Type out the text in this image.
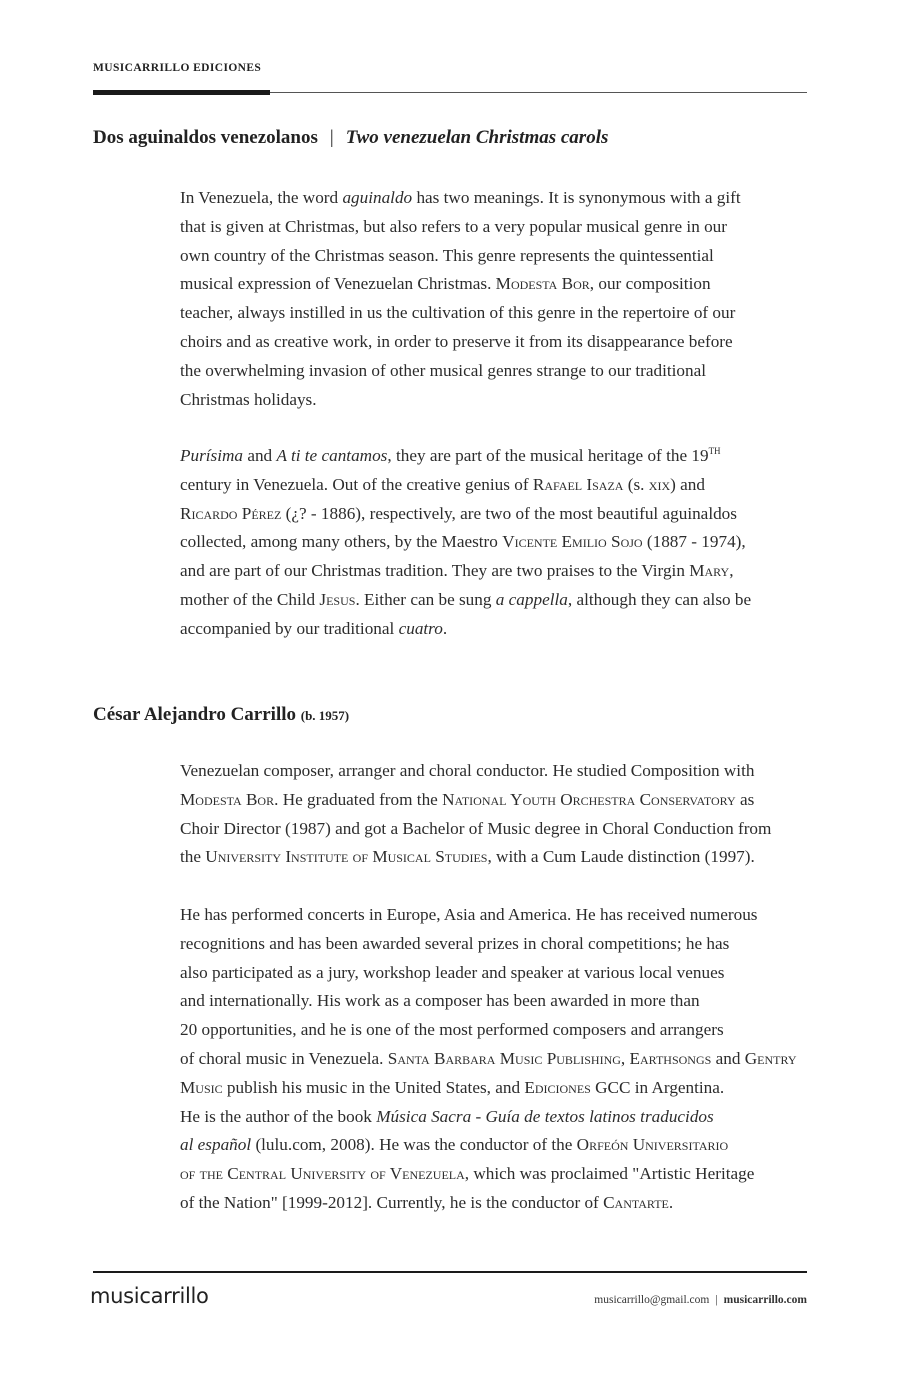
MUSICARRILLO EDICIONES
Dos aguinaldos venezolanos | Two venezuelan Christmas carols
In Venezuela, the word aguinaldo has two meanings. It is synonymous with a gift
that is given at Christmas, but also refers to a very popular musical genre in our
own country of the Christmas season. This genre represents the quintessential
musical expression of Venezuelan Christmas. Modesta Bor, our composition
teacher, always instilled in us the cultivation of this genre in the repertoire of our
choirs and as creative work, in order to preserve it from its disappearance before
the overwhelming invasion of other musical genres strange to our traditional
Christmas holidays.
Purísima and A ti te cantamos, they are part of the musical heritage of the 19TH
century in Venezuela. Out of the creative genius of Rafael Isaza (s. xix) and
Ricardo Pérez (¿? - 1886), respectively, are two of the most beautiful aguinaldos
collected, among many others, by the Maestro Vicente Emilio Sojo (1887 - 1974),
and are part of our Christmas tradition. They are two praises to the Virgin Mary,
mother of the Child Jesus. Either can be sung a cappella, although they can also be
accompanied by our traditional cuatro.
César Alejandro Carrillo (b. 1957)
Venezuelan composer, arranger and choral conductor. He studied Composition with
Modesta Bor. He graduated from the National Youth Orchestra Conservatory as
Choir Director (1987) and got a Bachelor of Music degree in Choral Conduction from
the University Institute of Musical Studies, with a Cum Laude distinction (1997).
He has performed concerts in Europe, Asia and America. He has received numerous
recognitions and has been awarded several prizes in choral competitions; he has
also participated as a jury, workshop leader and speaker at various local venues
and internationally. His work as a composer has been awarded in more than
20 opportunities, and he is one of the most performed composers and arrangers
of choral music in Venezuela. Santa Barbara Music Publishing, Earthsongs and Gentry
Music publish his music in the United States, and Ediciones GCC in Argentina.
He is the author of the book Música Sacra - Guía de textos latinos traducidos
al español (lulu.com, 2008). He was the conductor of the Orfeón Universitario
of the Central University of Venezuela, which was proclaimed "Artistic Heritage
of the Nation" [1999-2012]. Currently, he is the conductor of Cantarte.
musicarrillo	musicarrillo@gmail.com | musicarrillo.com
